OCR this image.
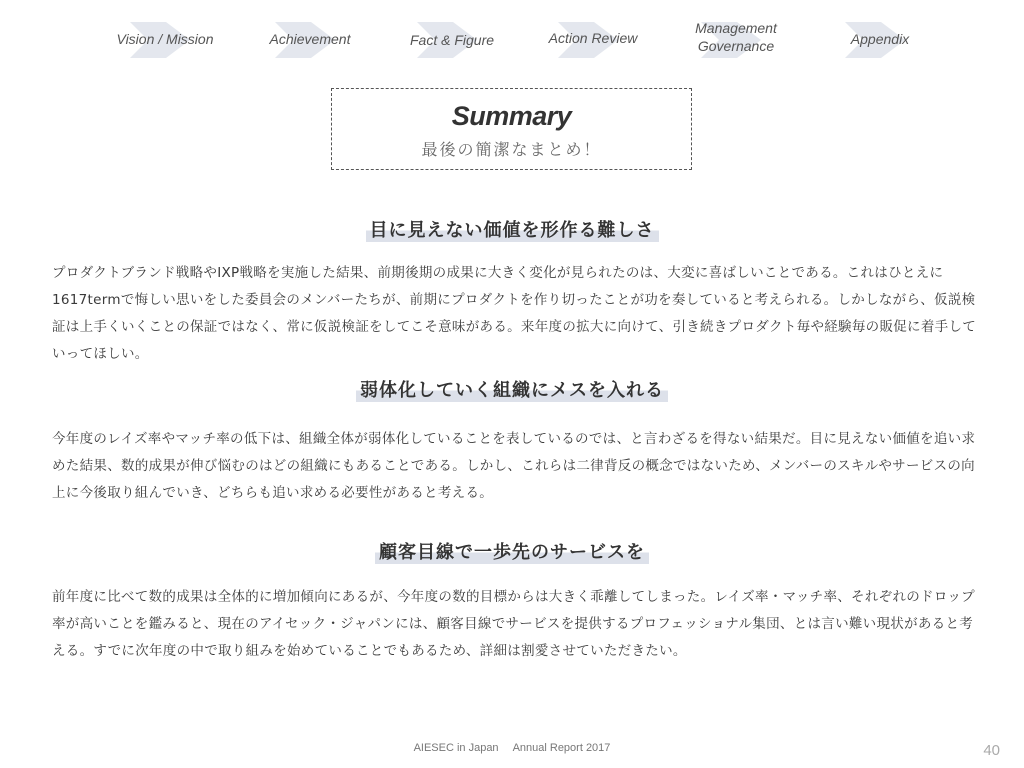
Vision / Mission	Achievement	Fact & Figure	Action Review
Management
Governance	Appendix
Summary
最後の簡潔なまとめ！
目に見えない価値を形作る難しさ
プロダクトブランド戦略やIXP戦略を実施した結果、前期後期の成果に大きく変化が見られたのは、大変に喜ばしいことである。これはひとえに1617termで悔しい思いをした委員会のメンバーたちが、前期にプロダクトを作り切ったことが功を奏していると考えられる。しかしながら、仮説検証は上手くいくことの保証ではなく、常に仮説検証をしてこそ意味がある。来年度の拡大に向けて、引き続きプロダクト毎や経験毎の販促に着手していってほしい。
弱体化していく組織にメスを入れる
今年度のレイズ率やマッチ率の低下は、組織全体が弱体化していることを表しているのでは、と言わざるを得ない結果だ。目に見えない価値を追い求めた結果、数的成果が伸び悩むのはどの組織にもあることである。しかし、これらは二律背反の概念ではないため、メンバーのスキルやサービスの向上に今後取り組んでいき、どちらも追い求める必要性があると考える。
顧客目線で一歩先のサービスを
前年度に比べて数的成果は全体的に増加傾向にあるが、今年度の数的目標からは大きく乖離してしまった。レイズ率・マッチ率、それぞれのドロップ率が高いことを鑑みると、現在のアイセック・ジャパンには、顧客目線でサービスを提供するプロフェッショナル集団、とは言い難い現状があると考える。すでに次年度の中で取り組みを始めていることでもあるため、詳細は割愛させていただきたい。
AIESEC in Japan Annual Report 2017	40
